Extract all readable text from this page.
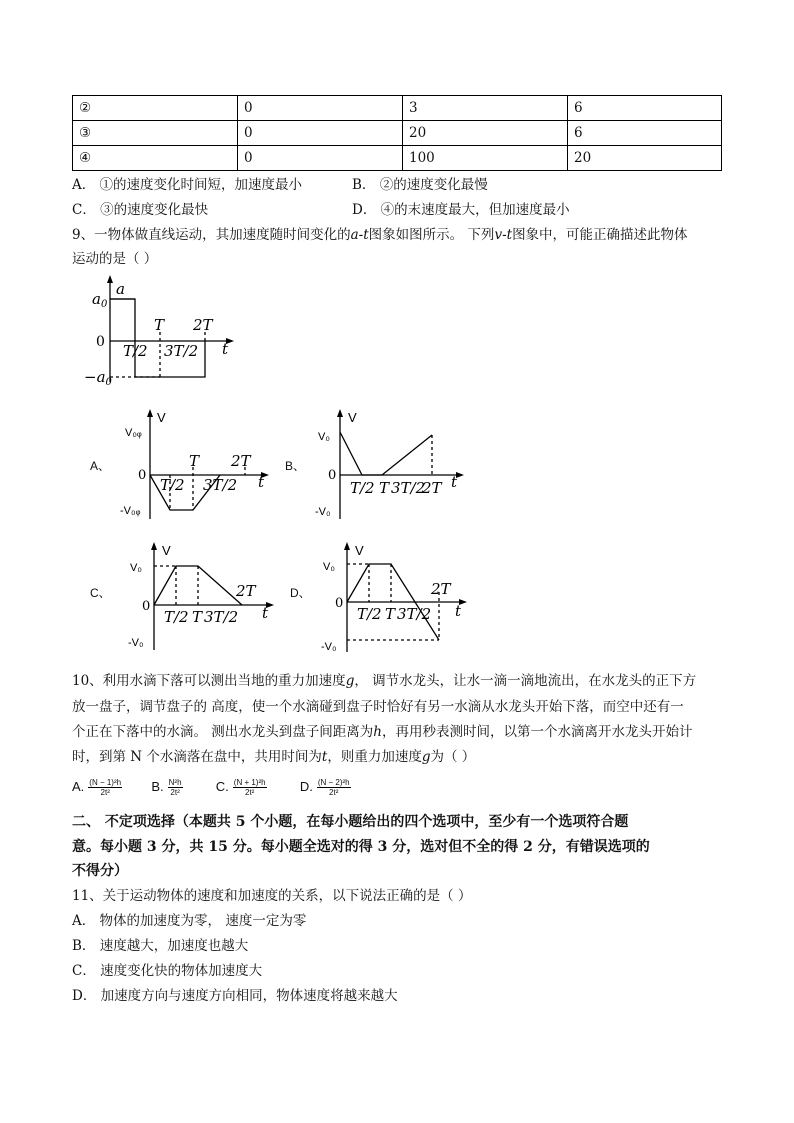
②	0	3	6
③	0	20	6
④	0	100	20
A． ①的速度变化时间短，加速度最小	B． ②的速度变化最慢
C． ③的速度变化最快	D． ④的末速度最大，但加速度最小
9、一物体做直线运动，其加速度随时间变化的a-t图象如图所示。 下列v-t图象中，可能正确描述此物体
运动的是（ ）
a
$a_0$
0
$-a_0$
T 2T
T/2 3T/2 t
A、
V
V₀ᵩ
0
-V₀ᵩ
T 2T
T/2 3T/2 t
B、
V
V₀
0
-V₀
T/2 T 3T/2
2T t
C、
V
V₀
0
-V₀
T/2 T 3T/2
2T
t
D、
V
V₀
0
-V₀
T/2 T 3T/2
2T
t
10、利用水滴下落可以测出当地的重力加速度g， 调节水龙头，让水一滴一滴地流出，在水龙头的正下方
放一盘子，调节盘子的 高度，使一个水滴碰到盘子时恰好有另一水滴从水龙头开始下落，而空中还有一
个正在下落中的水滴。 测出水龙头到盘子间距离为h，再用秒表测时间，以第一个水滴离开水龙头开始计
时，到第 N 个水滴落在盘中，共用时间为t，则重力加速度g为（ ）
A. $\frac{\text{(N − 1)²h}}{\text{2t²}} B$. $\frac{\text{N²h}}{\text{2t²}}$	C. $\frac{\text{(N + 1)²h}}{\text{2t²}}$	D. $\frac{\text{(N − 2)²h}}{\text{2t²}}$
二、 不定项选择（本题共 5 个小题，在每小题给出的四个选项中，至少有一个选项符合题
意。每小题 3 分，共 15 分。每小题全选对的得 3 分，选对但不全的得 2 分，有错误选项的
不得分）
11、关于运动物体的速度和加速度的关系，以下说法正确的是（ ）
A． 物体的加速度为零， 速度一定为零
B． 速度越大，加速度也越大
C． 速度变化快的物体加速度大
D． 加速度方向与速度方向相同，物体速度将越来越大
